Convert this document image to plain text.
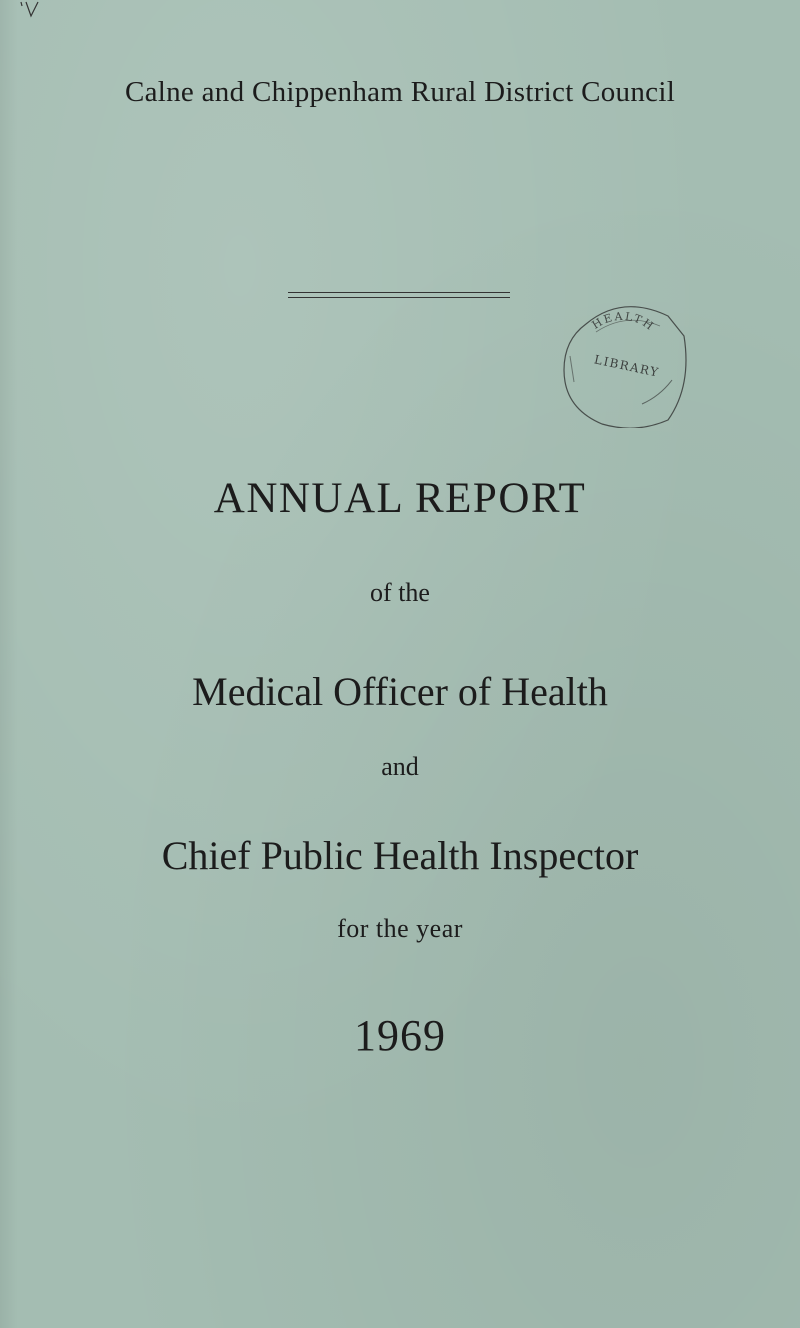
Calne and Chippenham Rural District Council
HEALTH
LIBRARY
ANNUAL REPORT
of the
Medical Officer of Health
and
Chief Public Health Inspector
for the year
1969
